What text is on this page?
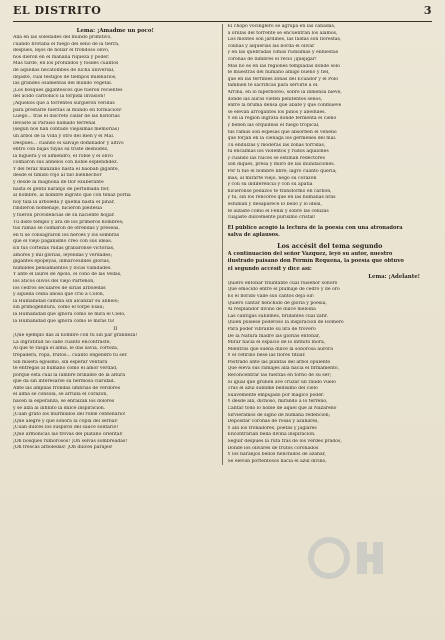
EL DISTRITO	3
Lema: ¡Amadme un poco!
Allá en las soledades del mundo primitivo,
cuando brotaba el fuego del seno de la tierra,
después, lejos de hollar el frondoso olivo,
nos dieron en el mañana riqueza y poder.
Más tarde, en los profundos y fosiles cuantos
de aquellas hecatombes de lucha universal,
dejaste, cual testigos de tiempos milenarios,
las grandes osamentas del mundo vegetal.
¡Los bosques gigantescos que fueron recientes
del ácido carbónico la tórpida invasión!
¡Aquellos que a torrentes surgieron veridas
para prestarle fuerzas al mundo en formación!
Luego... tras el discreto callar de las historias
llevaste al Paraíso llamado terrenal
(según nos han contado viejísimas memorias)
un árbol de la Vida y otro del Bien y el Mal.
Después... cuando el salvaje dominador y altivo
entró con bajas tuyas su triste desnudez,
la higuera y el almendro, el roble y el olivo
colmaron sus anhelos con noble esplendidez.
Y del feraz manzano hasta el baobab gigante,
desde el tímido rojo al tilo bienhechor
y desde la magnolia de flor exuberante
hasta el gentil naranjo de perfumada flor,
al hombre, al hombre ingrato que con tenaz porfía
hoy tala la arboleda y quema hasta el pinar,
rindieron homenaje, hicieron pleitesía
y fueron providencias de su naciente hogar.
Tú diste templo y ara de los primeros hombres;
tus ramas se colmaron de ofrendas y preseas,
en ti se consagraron los héroes y los sombras
que el viejo paganismo creó con sus ideas.
En tus cortezas rudas grabáronse victorias,
amores y mil glorias, leyendas y verdades;
gigantes epopeyas, inmarcesibles glorias,
humildes pensamientos y locas vanidades.
Y ante el laurel de Apolo, el cono de las Vedas,
los áticos olivos del viejo Partenón,
los cedros seculares de sirias arboledas
y aquella ceiba añosa que crió a Colón,
la Humanidad camina sin alcanzar su anhelo;
sin primogenitura, como el torpe Esaú;
la Humanidad que ignora cómo se mira el Cielo,
la Humanidad que ignora cómo le miras tú!
II
¡Qué ejemplo das al hombre con tu sin par grandeza!
La ingratitud no sabe cuanto encontraste,
Al que te rasga el alma, le das savia, corteza,
trepadera, ropa, frutos... cuanto engendró tu ser.
Sin mísera egoísmo, sin esperar ventura
te entregas al humano como el amor verdad,
porque esta cual la lumbre brillante de la altura
que da sin interesarse su hermosa claridad.
Ante las amplias frondas umbrías de verdores
el alma se consola, se arrulla el corazón,
nacen la esperanza, se enraízan los dolores
y se alza al infinito la dulce inspiración.
¡Cuán grato los murmullos del roble centenario!
¡Qué alegre y qué sonora la copla del serbal!
¡Cuán dulces los suspiros del sauce solitario!
¡Qué armónicas las trovas del plátano oriental!
¡Oh bosques rumorosos! ¡Oh selvas sombreadas!
¡Oh frescas arboledas! ¡Oh dulces parajes!
El chopo vocinglero se agrupa en las cañadas,
a orillas del torrente se encuentran los álamos,
Los montes son jardines, las faldas son florestas,
colinas y alquerías las borda el olivar
y en las quebradas cimas rudísimas y enhiestas
coronas de lumbres el recio ¡quejigar!
Más no es en las regiones templadas donde sólo
te muestras del humano amigo bueno y fiel,
que en las terribles zonas del Ecuador y el Polo
también te sacrificas para servirle a él.
Arriba, en lo hiperbóreo, sobre la inmensa nieve,
donde las auras vieten penitentes senos,
entre la bruma densa que abate y que conmueve
se elevan arrogantes los pinos y abedules.
Y en la región ingrata donde fermenta el cieno
y beben las orquídeas el fuego tropical,
tus ramas son espesas que absorben el veneno
que forjan en la ciénaga los gérmenes del mal.
Tú endulzas y moderas las zonas tórridas,
tú encalmas los violentos y rudos aquilones
y cuando las raíces se estiman redectores
son diques, presa y muro de las inundaciones.
Por tí fué el hombre libre; lagró cuanto quería;
más, al mirarte viejo, negó su corazón
y con su indiferencia y con su apatía
hiciéronse pedazos te transformó en carbón,
y tú, sin los rencores que en las humanas liras
esfuman y desaparece lo bello y lo ideal,
te alzaste como el Fénix y sobre las cenizas
cuajaste dulcemente purísimo cristal!
El público acogió la lectura de la poesía con una atronadora
salva de aplausos.
Los accésit del tema segundo
A continuación del señor Vázquez, leyó su autor, nuestro
ilustrado paisano don Fermín Requena, la poesía que obtuvo
el segundo accésit y dice así:
Lema: ¡Adelante!
Quiero entonar triunfante cual ruiseñor sonoro
Que emocido entre el plumaje de cédro y de oro
Es el florido valle sus cantos deja oir:
Quiero cantar henchido de gloria y poesía,
Al resplandor divino de dulce melodía
Las cántigas sublimes, brillantes cual zafir.
Quién pusiese poderoso la inspiración de Homero
Para poder vibrante su lira de trovero
De la Natura madre las glorias entonar,
Mirar hacia el espacio de lo infinito mora,
Mientras que suena dulce la sonorosa aurora
Y el cefirillo bese las flores titilar.
Postrado ante las plantas del árbol opulento
Que eleva sus ramajes allá hacia el firmamento,
Reconcentrar las fuerzas en torno de su ser;
Si igual que gruñen ave cruzar un raudo vuelo
Tras el azul sublime bellísimo del cielo
Suavemente empujado por mágico poder.
Y desde allí, dichoso, mirando a lo terreno,
Cantar todo lo noble de aquél que al Nazareno
Sirviéramos de signo de humana redención;
Depositar coronas de rosas y azahares,
Y allí los tronadores, poetas y juglares
Encontrarían bella divina inspiración.
Seguir después la ruta tras de los verdes prados,
Donde los olivares de frutos coronados
Y los naranjos bellos henchidos de azahar,
Se elevan portentosos hacia el azul divino,
